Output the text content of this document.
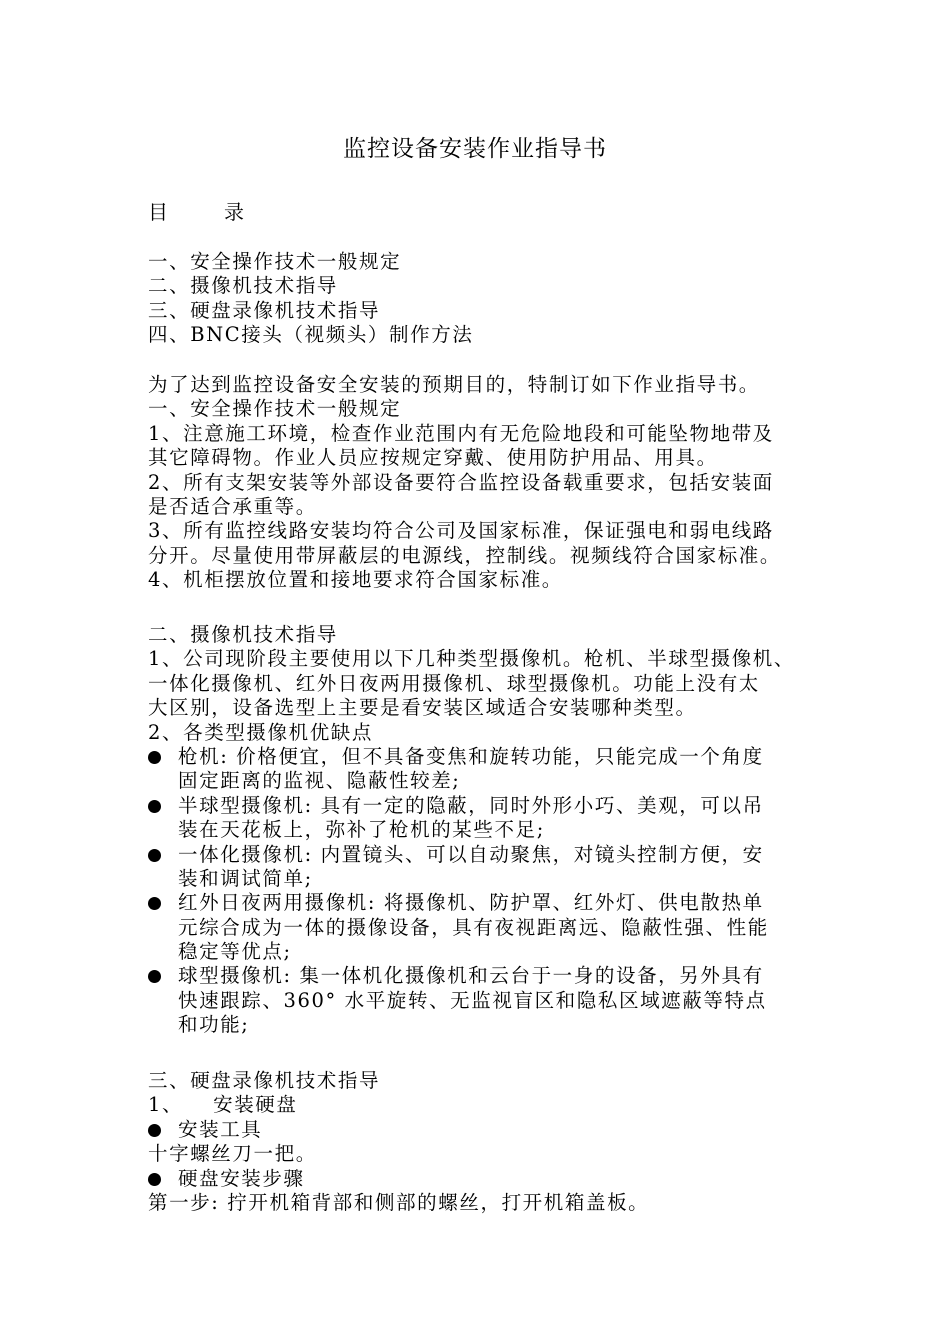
监控设备安装作业指导书
目	录
一、安全操作技术一般规定
二、摄像机技术指导
三、硬盘录像机技术指导
四、BNC接头（视频头）制作方法
为了达到监控设备安全安装的预期目的，特制订如下作业指导书。
一、安全操作技术一般规定
1、注意施工环境，检查作业范围内有无危险地段和可能坠物地带及
其它障碍物。作业人员应按规定穿戴、使用防护用品、用具。
2、所有支架安装等外部设备要符合监控设备载重要求，包括安装面
是否适合承重等。
3、所有监控线路安装均符合公司及国家标准，保证强电和弱电线路
分开。尽量使用带屏蔽层的电源线，控制线。视频线符合国家标准。
4、机柜摆放位置和接地要求符合国家标准。
二、摄像机技术指导
1、公司现阶段主要使用以下几种类型摄像机。枪机、半球型摄像机、
一体化摄像机、红外日夜两用摄像机、球型摄像机。功能上没有太
大区别，设备选型上主要是看安装区域适合安装哪种类型。
2、各类型摄像机优缺点
枪机: 价格便宜，但不具备变焦和旋转功能，只能完成一个角度
固定距离的监视、隐蔽性较差;
半球型摄像机: 具有一定的隐蔽，同时外形小巧、美观，可以吊
装在天花板上，弥补了枪机的某些不足;
一体化摄像机: 内置镜头、可以自动聚焦，对镜头控制方便，安
装和调试简单;
红外日夜两用摄像机: 将摄像机、防护罩、红外灯、供电散热单
元综合成为一体的摄像设备，具有夜视距离远、隐蔽性强、性能
稳定等优点;
球型摄像机: 集一体机化摄像机和云台于一身的设备，另外具有
快速跟踪、360° 水平旋转、无监视盲区和隐私区域遮蔽等特点
和功能;
三、硬盘录像机技术指导
1、 安装硬盘
安装工具
十字螺丝刀一把。
硬盘安装步骤
第一步: 拧开机箱背部和侧部的螺丝，打开机箱盖板。
